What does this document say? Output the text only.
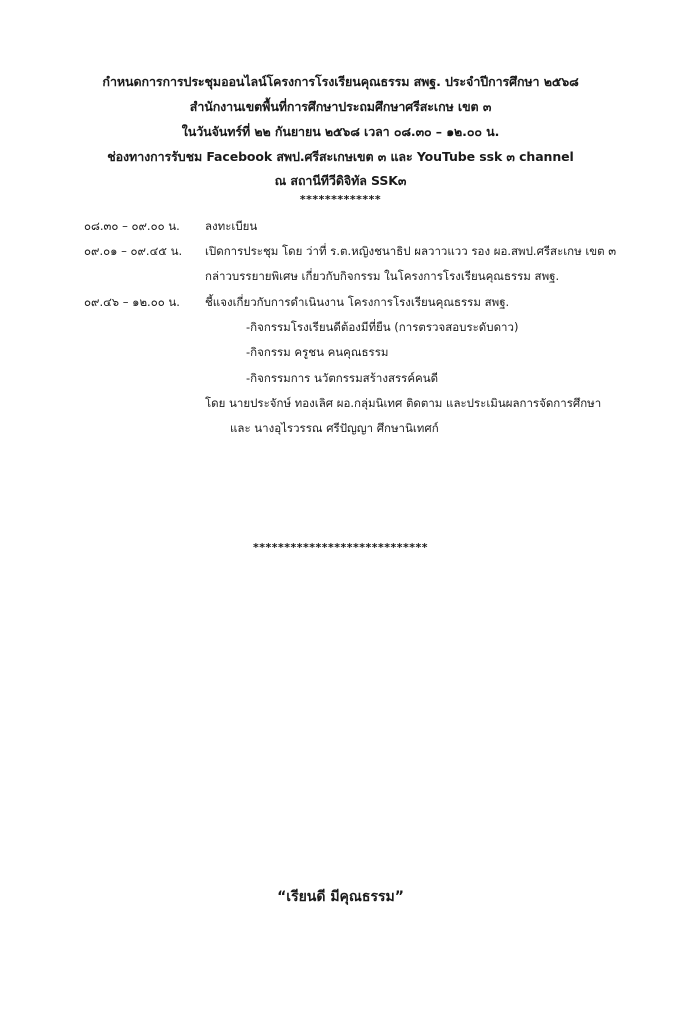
กำหนดการการประชุมออนไลน์โครงการโรงเรียนคุณธรรม สพฐ. ประจำปีการศึกษา ๒๕๖๘
สำนักงานเขตพื้นที่การศึกษาประถมศึกษาศรีสะเกษ เขต ๓
ในวันจันทร์ที่ ๒๒ กันยายน ๒๕๖๘ เวลา ๐๘.๓๐ – ๑๒.๐๐ น.
ช่องทางการรับชม Facebook สพป.ศรีสะเกษเขต ๓ และ YouTube ssk ๓ channel
ณ สถานีทีวีดิจิทัล SSK๓
*************
๐๘.๓๐ – ๐๙.๐๐ น. ลงทะเบียน
๐๙.๐๑ – ๐๙.๔๕ น. เปิดการประชุม โดย ว่าที่ ร.ต.หญิงชนาธิป ผลวาวแวว รอง ผอ.สพป.ศรีสะเกษ เขต ๓
กล่าวบรรยายพิเศษ เกี่ยวกับกิจกรรม ในโครงการโรงเรียนคุณธรรม สพฐ.
๐๙.๔๖ – ๑๒.๐๐ น. ชี้แจงเกี่ยวกับการดำเนินงาน โครงการโรงเรียนคุณธรรม สพฐ.
-กิจกรรมโรงเรียนดีต้องมีที่ยืน (การตรวจสอบระดับดาว)
-กิจกรรม ครูชน คนคุณธรรม
-กิจกรรมการ นวัตกรรมสร้างสรรค์คนดี
โดย นายประจักษ์ ทองเลิศ ผอ.กลุ่มนิเทศ ติดตาม และประเมินผลการจัดการศึกษา
และ นางอุไรวรรณ ศรีปัญญา ศึกษานิเทศก์
****************************
“เรียนดี มีคุณธรรม”
